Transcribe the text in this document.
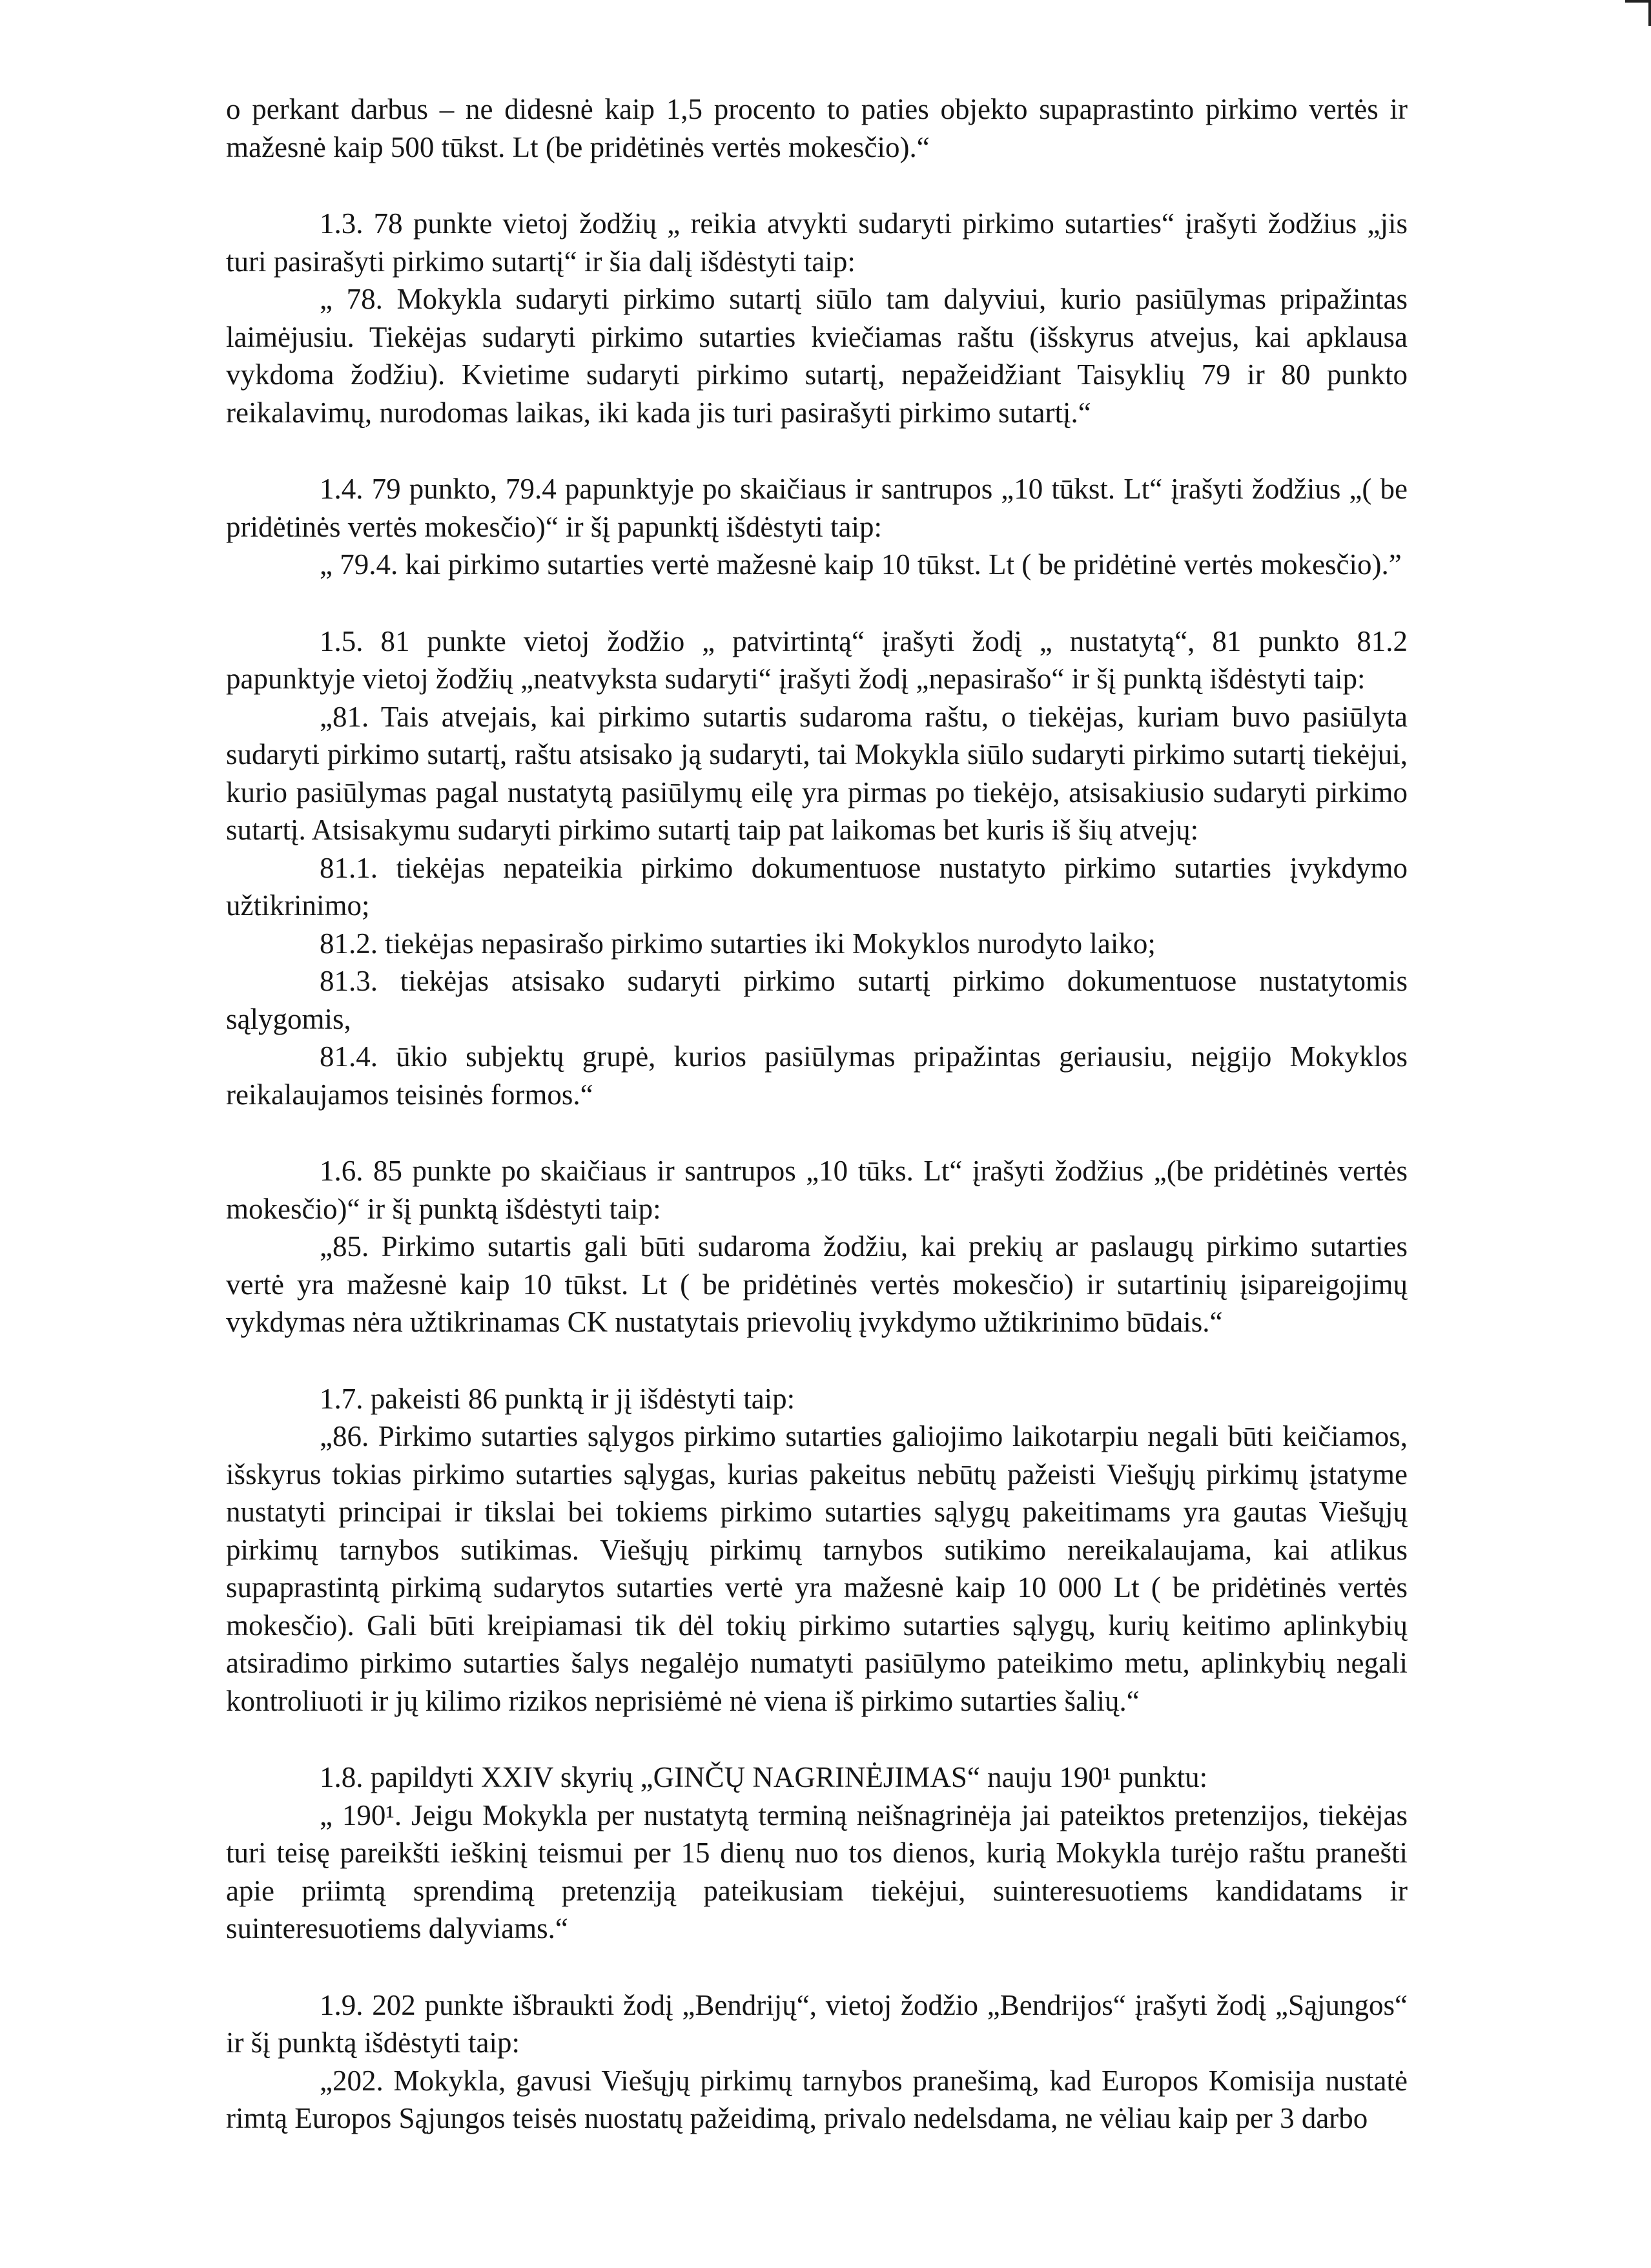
o perkant darbus – ne didesnė kaip 1,5 procento to paties objekto supaprastinto pirkimo vertės ir mažesnė kaip 500 tūkst. Lt (be pridėtinės vertės mokesčio).“

1.3. 78 punkte vietoj žodžių „ reikia atvykti sudaryti pirkimo sutarties“ įrašyti žodžius „jis turi pasirašyti pirkimo sutartį“ ir šia dalį išdėstyti taip:

„ 78. Mokykla sudaryti pirkimo sutartį siūlo tam dalyviui, kurio pasiūlymas pripažintas laimėjusiu. Tiekėjas sudaryti pirkimo sutarties kviečiamas raštu (išskyrus atvejus, kai apklausa vykdoma žodžiu). Kvietime sudaryti pirkimo sutartį, nepažeidžiant Taisyklių 79 ir 80 punkto reikalavimų, nurodomas laikas, iki kada jis turi pasirašyti pirkimo sutartį.“

1.4. 79 punkto, 79.4 papunktyje po skaičiaus ir santrupos „10 tūkst. Lt“ įrašyti žodžius „( be pridėtinės vertės mokesčio)“ ir šį papunktį išdėstyti taip:

„ 79.4. kai pirkimo sutarties vertė mažesnė kaip 10 tūkst. Lt ( be pridėtinė vertės mokesčio).”

1.5. 81 punkte vietoj žodžio „ patvirtintą“ įrašyti žodį „ nustatytą“, 81 punkto 81.2 papunktyje vietoj žodžių „neatvyksta sudaryti“ įrašyti žodį „nepasirašo“ ir šį punktą išdėstyti taip:

„81. Tais atvejais, kai pirkimo sutartis sudaroma raštu, o tiekėjas, kuriam buvo pasiūlyta sudaryti pirkimo sutartį, raštu atsisako ją sudaryti, tai Mokykla siūlo sudaryti pirkimo sutartį tiekėjui, kurio pasiūlymas pagal nustatytą pasiūlymų eilę yra pirmas po tiekėjo, atsisakiusio sudaryti pirkimo sutartį. Atsisakymu sudaryti pirkimo sutartį taip pat laikomas bet kuris iš šių atvejų:

81.1. tiekėjas nepateikia pirkimo dokumentuose nustatyto pirkimo sutarties įvykdymo užtikrinimo;

81.2. tiekėjas nepasirašo pirkimo sutarties iki Mokyklos nurodyto laiko;

81.3. tiekėjas atsisako sudaryti pirkimo sutartį pirkimo dokumentuose nustatytomis sąlygomis,

81.4. ūkio subjektų grupė, kurios pasiūlymas pripažintas geriausiu, neįgijo Mokyklos reikalaujamos teisinės formos.“

1.6. 85 punkte po skaičiaus ir santrupos „10 tūks. Lt“ įrašyti žodžius „(be pridėtinės vertės mokesčio)“ ir šį punktą išdėstyti taip:

„85. Pirkimo sutartis gali būti sudaroma žodžiu, kai prekių ar paslaugų pirkimo sutarties vertė yra mažesnė kaip 10 tūkst. Lt ( be pridėtinės vertės mokesčio) ir sutartinių įsipareigojimų vykdymas nėra užtikrinamas CK nustatytais prievolių įvykdymo užtikrinimo būdais.“

1.7. pakeisti 86 punktą ir jį išdėstyti taip:

„86. Pirkimo sutarties sąlygos pirkimo sutarties galiojimo laikotarpiu negali būti keičiamos, išskyrus tokias pirkimo sutarties sąlygas, kurias pakeitus nebūtų pažeisti Viešųjų pirkimų įstatyme nustatyti principai ir tikslai bei tokiems pirkimo sutarties sąlygų pakeitimams yra gautas Viešųjų pirkimų tarnybos sutikimas. Viešųjų pirkimų tarnybos sutikimo nereikalaujama, kai atlikus supaprastintą pirkimą sudarytos sutarties vertė yra mažesnė kaip 10 000 Lt ( be pridėtinės vertės mokesčio). Gali būti kreipiamasi tik dėl tokių pirkimo sutarties sąlygų, kurių keitimo aplinkybių atsiradimo pirkimo sutarties šalys negalėjo numatyti pasiūlymo pateikimo metu, aplinkybių negali kontroliuoti ir jų kilimo rizikos neprisiėmė nė viena iš pirkimo sutarties šalių.“

1.8. papildyti XXIV skyrių „GINČŲ NAGRINĖJIMAS“ nauju 190¹ punktu:

„ 190¹. Jeigu Mokykla per nustatytą terminą neišnagrinėja jai pateiktos pretenzijos, tiekėjas turi teisę pareikšti ieškinį teismui per 15 dienų nuo tos dienos, kurią Mokykla turėjo raštu pranešti apie priimtą sprendimą pretenziją pateikusiam tiekėjui, suinteresuotiems kandidatams ir suinteresuotiems dalyviams.“

1.9. 202 punkte išbraukti žodį „Bendrijų“, vietoj žodžio „Bendrijos“ įrašyti žodį „Sąjungos“ ir šį punktą išdėstyti taip:

„202. Mokykla, gavusi Viešųjų pirkimų tarnybos pranešimą, kad Europos Komisija nustatė rimtą Europos Sąjungos teisės nuostatų pažeidimą, privalo nedelsdama, ne vėliau kaip per 3 darbo
